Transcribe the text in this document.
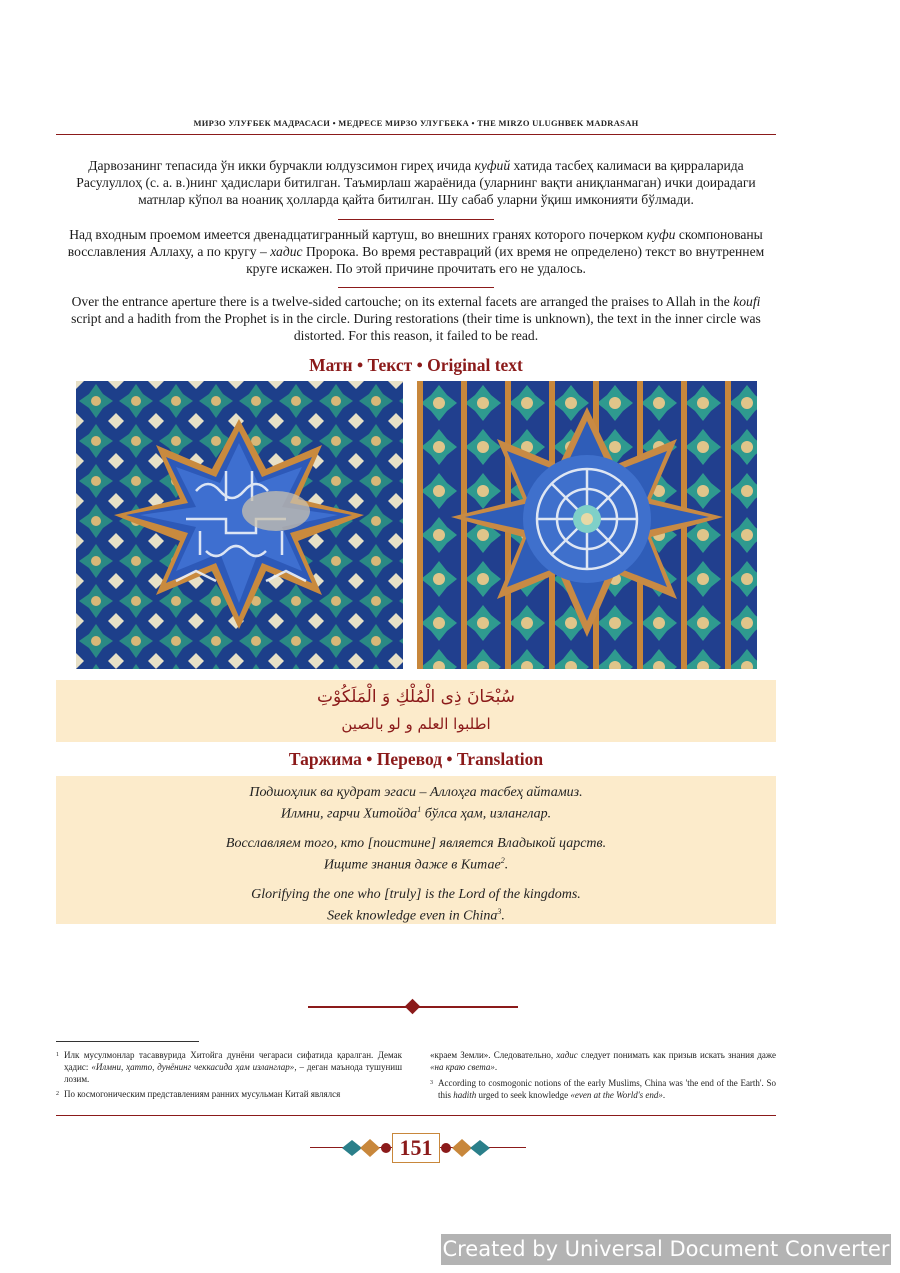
МИРЗО УЛУҒБЕК МАДРАСАСИ • МЕДРЕСЕ МИРЗО УЛУГБЕКА • THE MIRZO ULUGHBEK MADRASAH
Дарвозанинг тепасида ўн икки бурчакли юлдузсимон гиреҳ ичида куфий хатида тасбеҳ калимаси ва қирраларида Расулуллоҳ (с. а. в.)нинг ҳадислари битилган. Таъмирлаш жараёнида (уларнинг вақти аниқланмаган) ички доирадаги матнлар кўпол ва ноаниқ ҳолларда қайта битилган. Шу сабаб уларни ўқиш имконияти бўлмади.
Над входным проемом имеется двенадцатигранный картуш, во внешних гранях которого почерком куфи скомпонованы восславления Аллаху, а по кругу – хадис Пророка. Во время реставраций (их время не определено) текст во внутреннем круге искажен. По этой причине прочитать его не удалось.
Over the entrance aperture there is a twelve-sided cartouche; on its external facets are arranged the praises to Allah in the koufi script and a hadith from the Prophet is in the circle. During restorations (their time is unknown), the text in the inner circle was distorted. For this reason, it failed to be read.
Матн • Текст • Original text
سُبْحَانَ ذِی الْمُلْكِ وَ الْمَلَكُوْتِ
اطلبوا العلم و لو بالصين
Таржима • Перевод • Translation
Подшоҳлик ва қудрат эгаси – Аллоҳга тасбеҳ айтамиз.
Илмни, гарчи Хитойда$^1$ бўлса ҳам, изланглар.
Восславляем того, кто [поистине] является Владыкой царств.
Ищите знания даже в Китае$^2$.
Glorifying the one who [truly] is the Lord of the kingdoms.
Seek knowledge even in China$^3$.
1 Илк мусулмонлар тасаввурида Хитойга дунёни чегараси сифатида қаралган. Демак ҳадис: «Илмни, ҳатто, дунёнинг чеккасида ҳам изланглар», – деган маънода тушуниш лозим.
2 По космогоническим представлениям ранних мусульман Китай являлся
«краем Земли». Следовательно, хадис следует понимать как призыв искать знания даже «на краю света».
3 According to cosmogonic notions of the early Muslims, China was 'the end of the Earth'. So this hadith urged to seek knowledge «even at the World's end».
151
Created by Universal Document Converter
